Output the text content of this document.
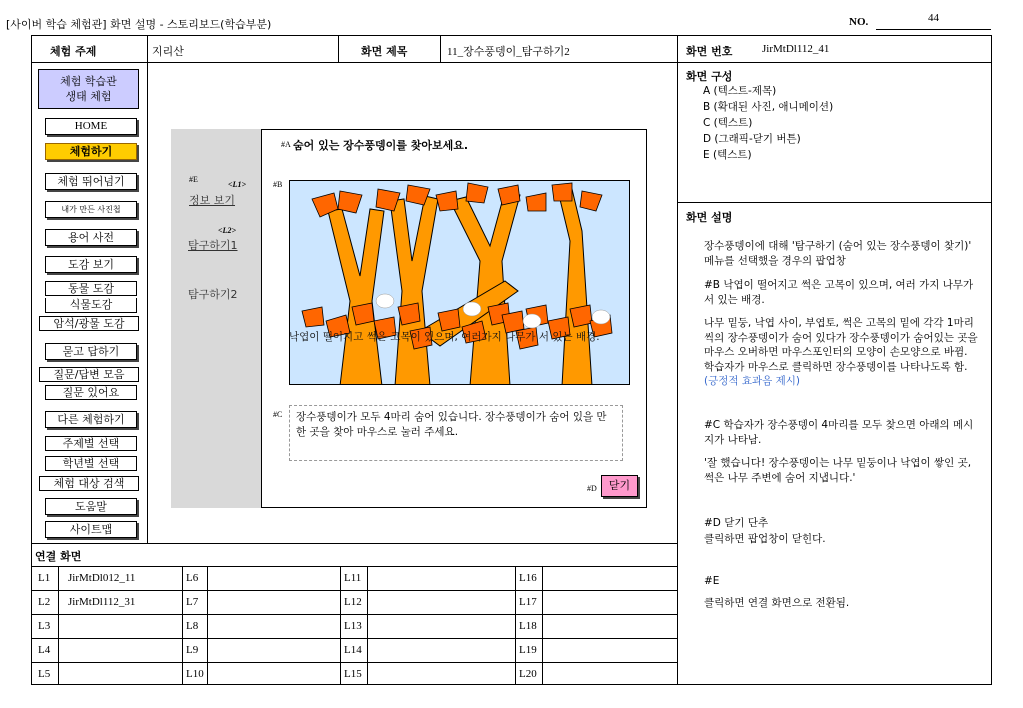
[사이버 학습 체험관] 화면 설명 - 스토리보드(학습부분)	NO.	44
체험 주제	지리산	화면 제목	11_장수풍뎅이_탐구하기2	화면 번호	JirMtDl112_41
체험 학습관
생태 체험
HOME
체험하기
체험 뛰어넘기
내가 만든 사진첩
용어 사전
도감 보기
동물 도감
식물도감
암석/광물 도감
묻고 답하기
질문/답변 모음
질문 있어요
다른 체험하기
주제별 선택
학년별 선택
체험 대상 검색
도움말
사이트맵
#E
<L1>
정보 보기
<L2>
탐구하기1
탐구하기2
#A 숨어 있는 장수풍뎅이를 찾아보세요.
#B
낙엽이 떨어지고 썩은 고목이 있으며, 여러가지 나무가 서 있는 배경.
#C	장수풍뎅이가 모두 4마리 숨어 있습니다. 장수풍뎅이가 숨어 있을 만한 곳을 찾아 마우스로 눌러 주세요.
#D	닫기
연결 화면
L1 JirMtDl012_11	L6	L11	L16
L2 JirMtDl112_31	L7	L12	L17
L3	L8	L13	L18
L4	L9	L14	L19
L5	L10	L15	L20
화면 구성
A (텍스트-제목)
B (확대된 사진, 애니메이션)
C (텍스트)
D (그래픽-닫기 버튼)
E (텍스트)
화면 설명
장수풍뎅이에 대해 '탐구하기 (숨어 있는 장수풍뎅이 찾기)' 메뉴를 선택했을 경우의 팝업창
#B 낙엽이 떨어지고 썩은 고목이 있으며, 여러 가지 나무가 서 있는 배경.
나무 밑둥, 낙엽 사이, 부엽토, 썩은 고목의 밑에 각각 1마리씩의 장수풍뎅이가 숨어 있다가 장수풍뎅이가 숨어있는 곳을 마우스 오버하면 마우스포인터의 모양이 손모양으로 바뀜. 학습자가 마우스로 클릭하면 장수풍뎅이를 나타나도록 함. (긍정적 효과음 제시)
#C 학습자가 장수풍뎅이 4마리를 모두 찾으면 아래의 메시지가 나타남.
'잘 했습니다! 장수풍뎅이는 나무 밑둥이나 낙엽이 쌓인 곳, 썩은 나무 주변에 숨어 지냅니다.'
#D 닫기 단추
클릭하면 팝업창이 닫힌다.
#E
클릭하면 연결 화면으로 전환됨.
